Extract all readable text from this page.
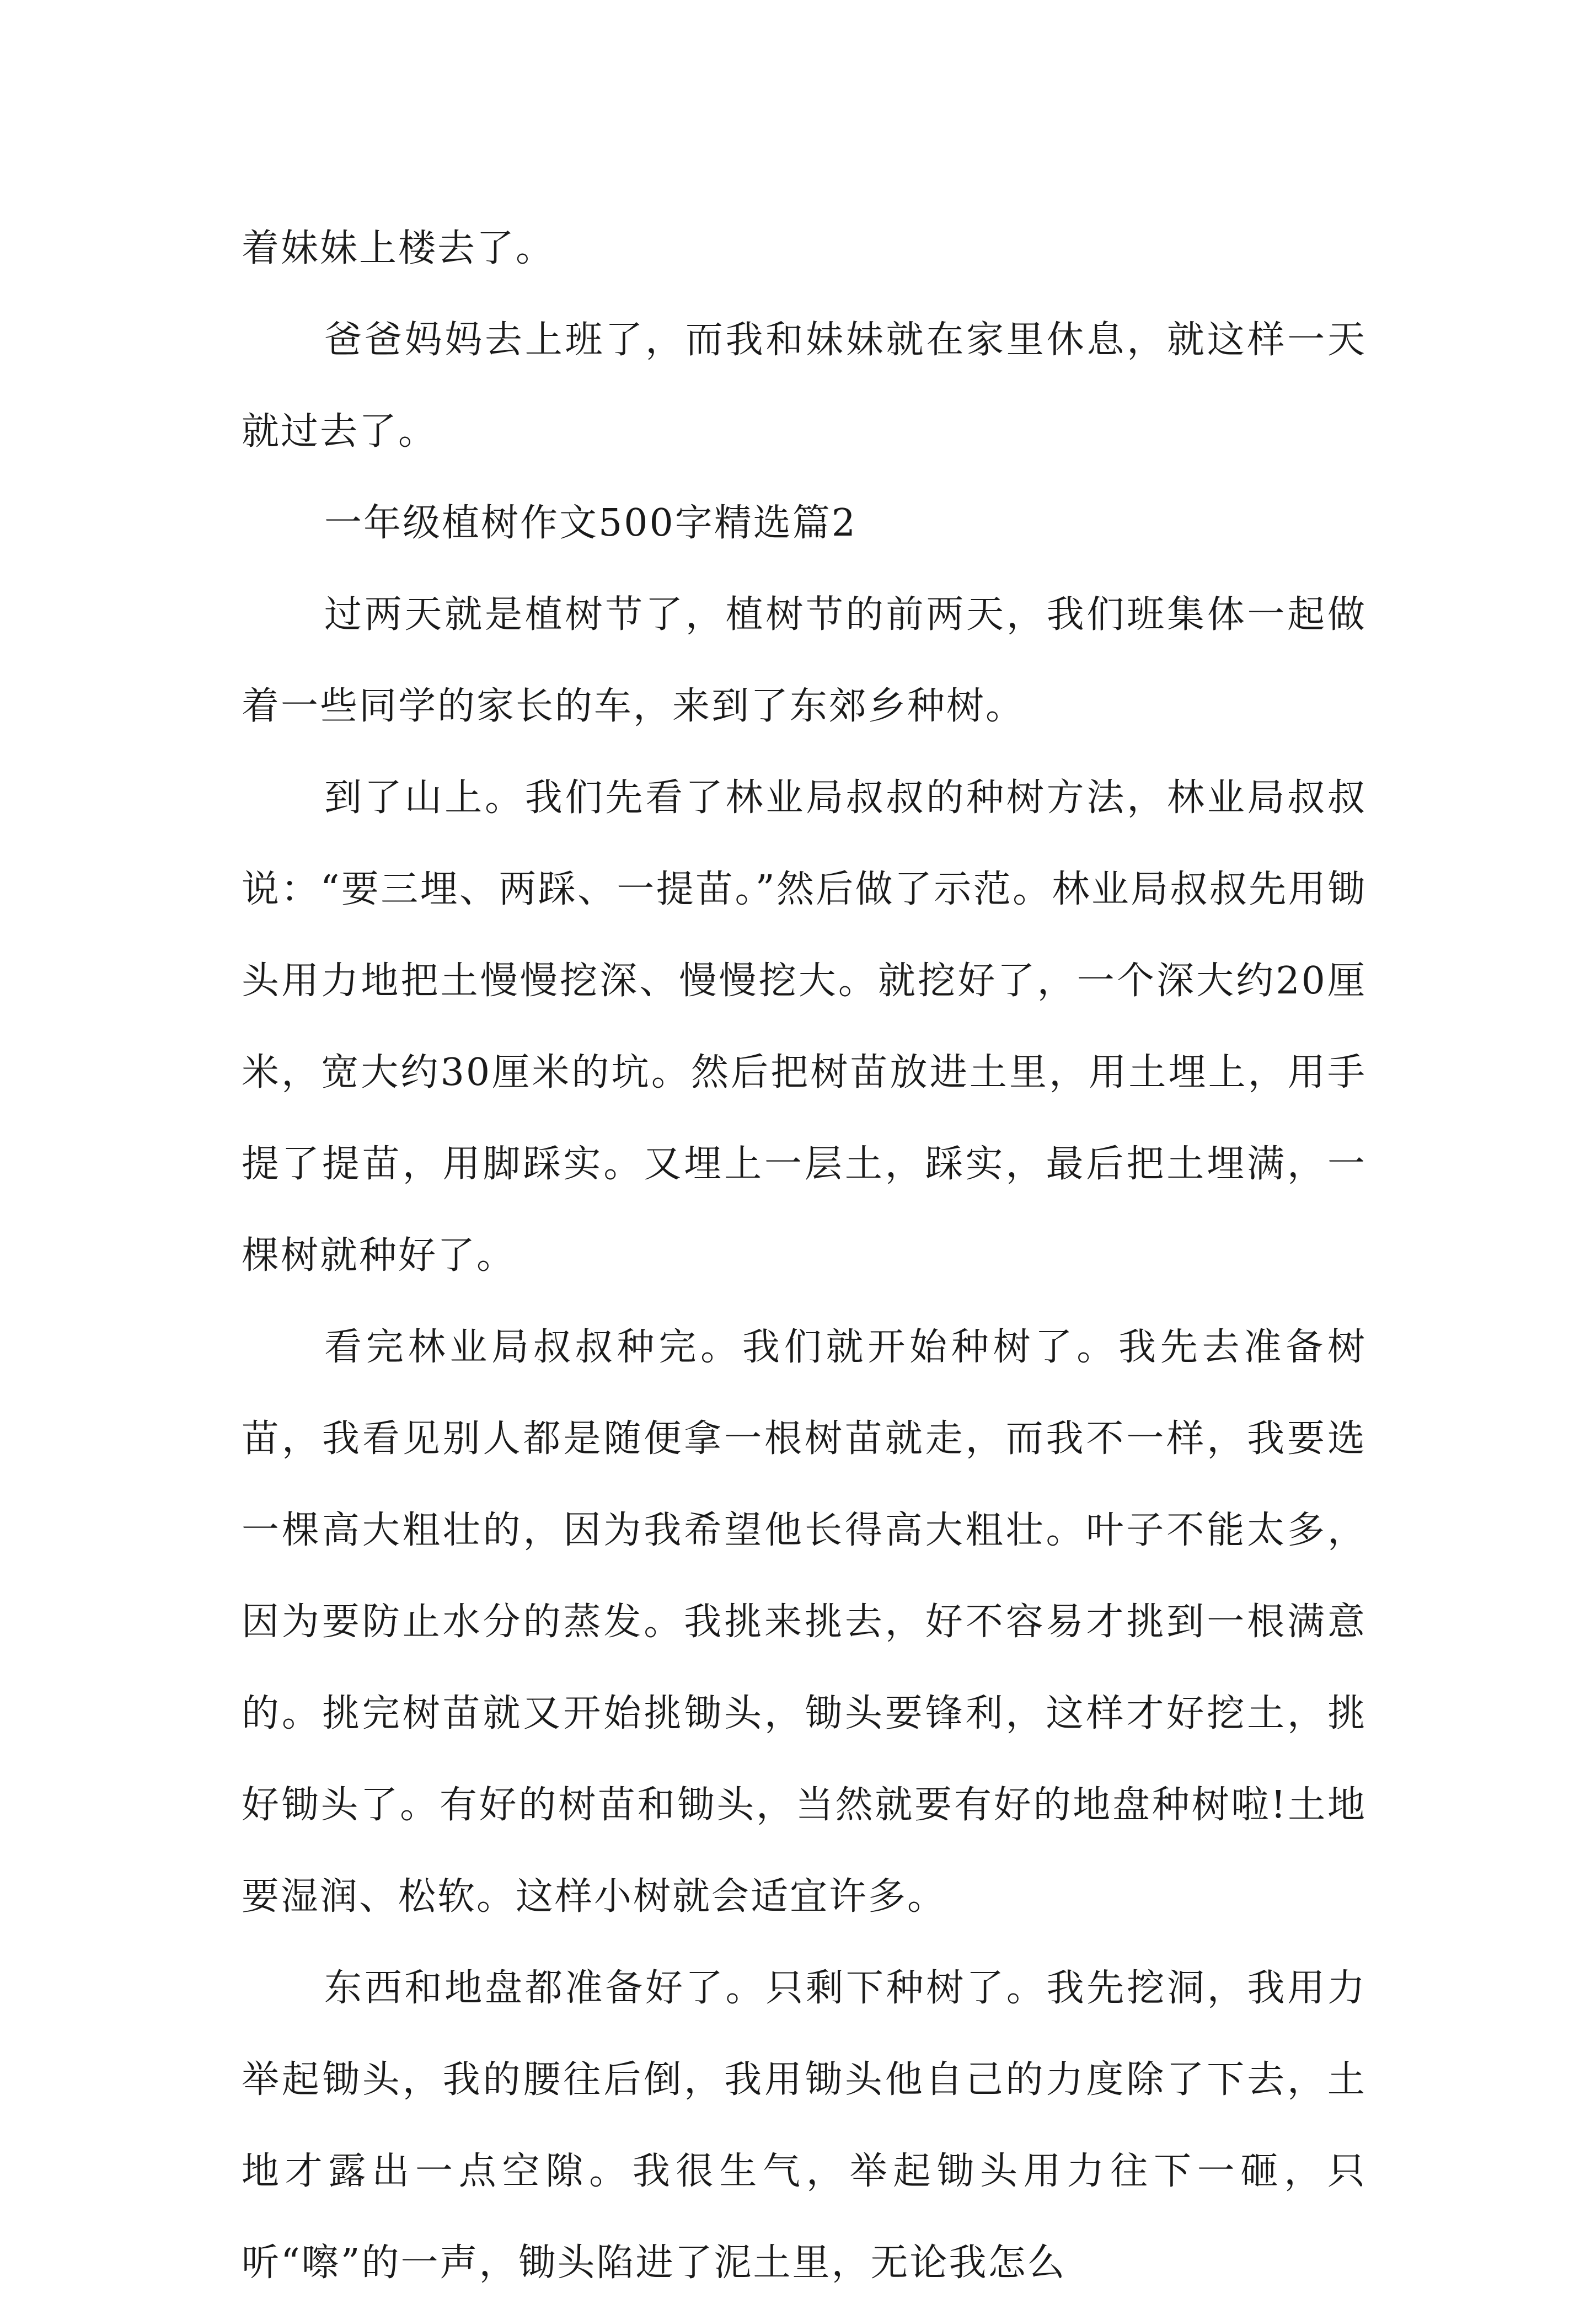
着妹妹上楼去了。

爸爸妈妈去上班了，而我和妹妹就在家里休息，就这样一天就过去了。

一年级植树作文500字精选篇2

过两天就是植树节了，植树节的前两天，我们班集体一起做着一些同学的家长的车，来到了东郊乡种树。

到了山上。我们先看了林业局叔叔的种树方法，林业局叔叔说：“要三埋、两踩、一提苗。”然后做了示范。林业局叔叔先用锄头用力地把土慢慢挖深、慢慢挖大。就挖好了，一个深大约20厘米，宽大约30厘米的坑。然后把树苗放进土里，用土埋上，用手提了提苗，用脚踩实。又埋上一层土，踩实，最后把土埋满，一棵树就种好了。

看完林业局叔叔种完。我们就开始种树了。我先去准备树苗，我看见别人都是随便拿一根树苗就走，而我不一样，我要选一棵高大粗壮的，因为我希望他长得高大粗壮。叶子不能太多，因为要防止水分的蒸发。我挑来挑去，好不容易才挑到一根满意的。挑完树苗就又开始挑锄头，锄头要锋利，这样才好挖土，挑好锄头了。有好的树苗和锄头，当然就要有好的地盘种树啦!土地要湿润、松软。这样小树就会适宜许多。

东西和地盘都准备好了。只剩下种树了。我先挖洞，我用力举起锄头，我的腰往后倒，我用锄头他自己的力度除了下去，土地才露出一点空隙。我很生气，举起锄头用力往下一砸，只听“嚓”的一声，锄头陷进了泥土里，无论我怎么
